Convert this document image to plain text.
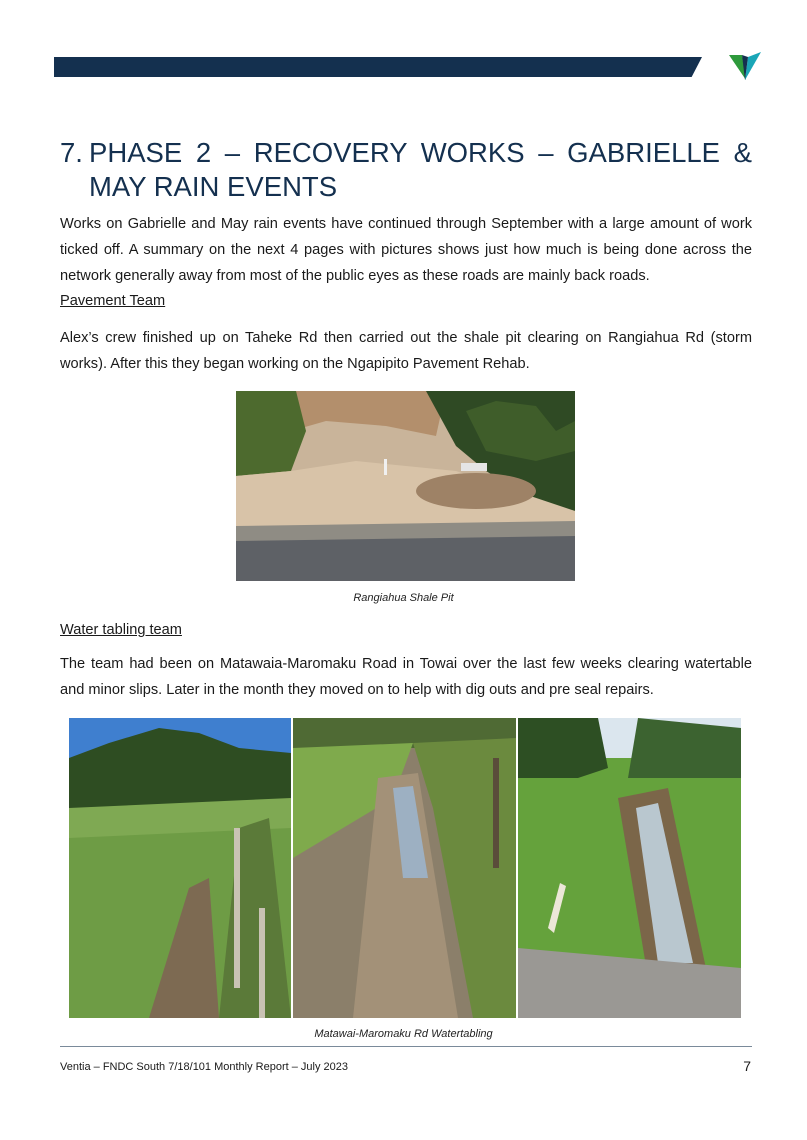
7. PHASE 2 – RECOVERY WORKS – GABRIELLE &
MAY RAIN EVENTS

Works on Gabrielle and May rain events have continued through September with a large amount of work ticked off. A summary on the next 4 pages with pictures shows just how much is being done across the network generally away from most of the public eyes as these roads are mainly back roads.

Pavement Team

Alex’s crew finished up on Taheke Rd then carried out the shale pit clearing on Rangiahua Rd (storm works). After this they began working on the Ngapipito Pavement Rehab.

Rangiahua Shale Pit

Water tabling team

The team had been on Matawaia-Maromaku Road in Towai over the last few weeks clearing watertable and minor slips. Later in the month they moved on to help with dig outs and pre seal repairs.

Matawai-Maromaku Rd Watertabling
Ventia – FNDC South 7/18/101 Monthly Report – July 2023	7
